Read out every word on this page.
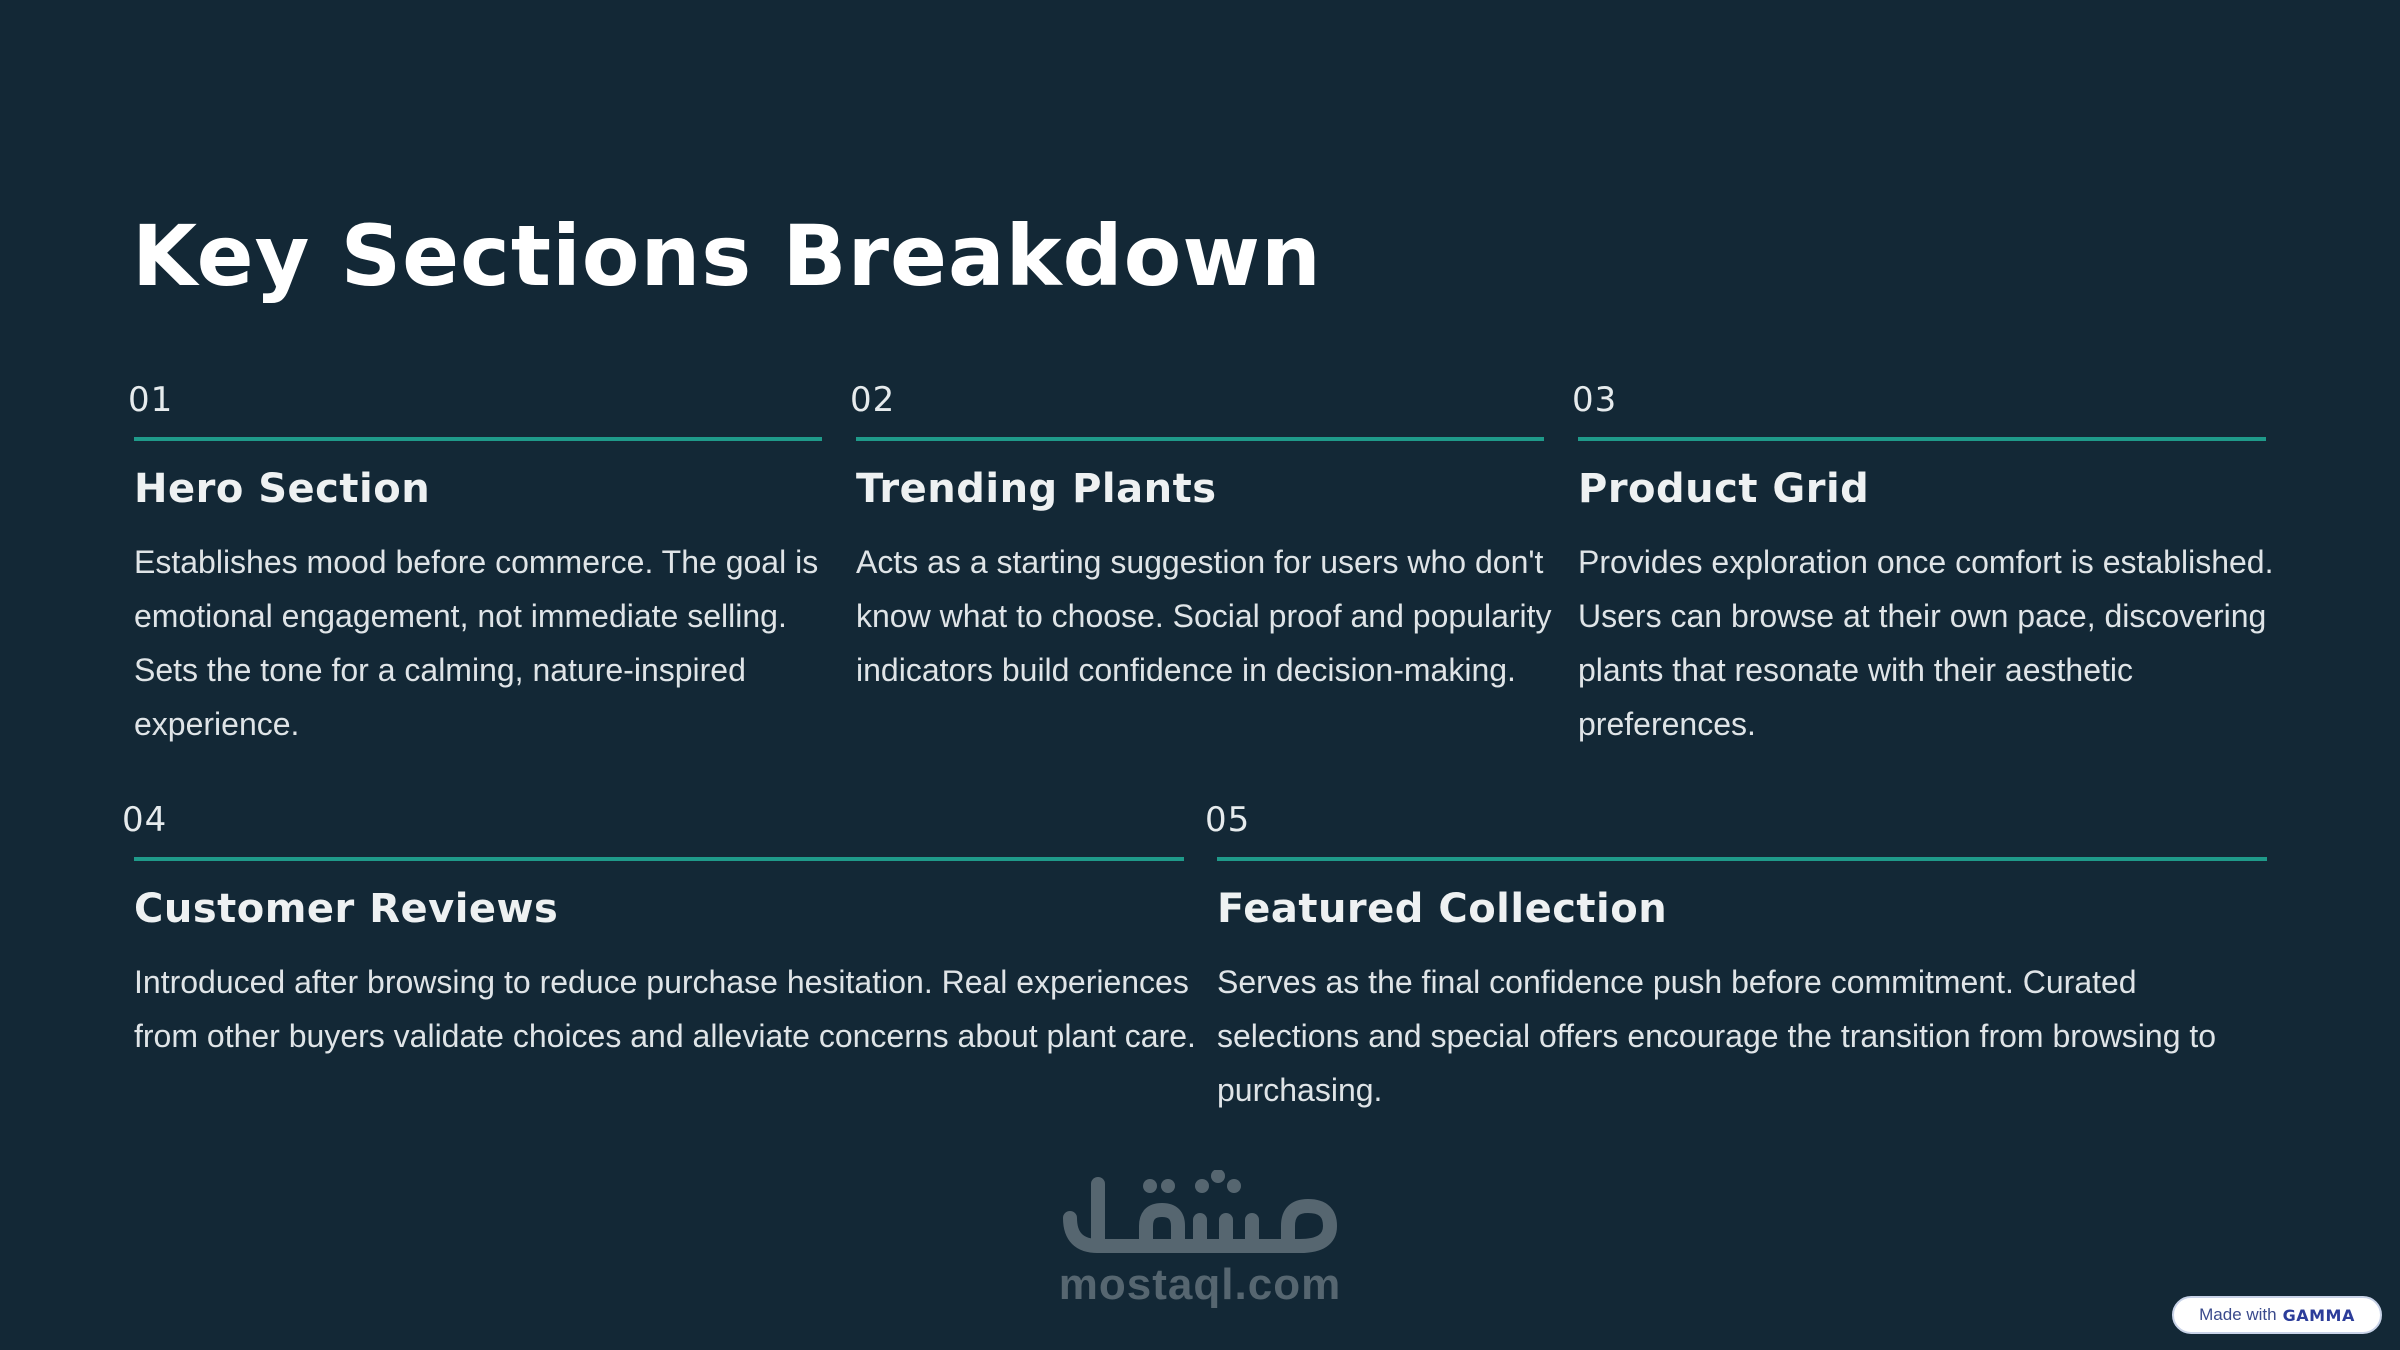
Key Sections Breakdown
01
Hero Section

Establishes mood before commerce. The goal is emotional engagement, not immediate selling. Sets the tone for a calming, nature-inspired experience.

02
Trending Plants

Acts as a starting suggestion for users who don't know what to choose. Social proof and popularity indicators build confidence in decision-making.

03
Product Grid

Provides exploration once comfort is established. Users can browse at their own pace, discovering plants that resonate with their aesthetic preferences.

04
Customer Reviews

Introduced after browsing to reduce purchase hesitation. Real experiences from other buyers validate choices and alleviate concerns about plant care.

05
Featured Collection

Serves as the final confidence push before commitment. Curated selections and special offers encourage the transition from browsing to purchasing.

mostaql.com
Made with GAMMA
